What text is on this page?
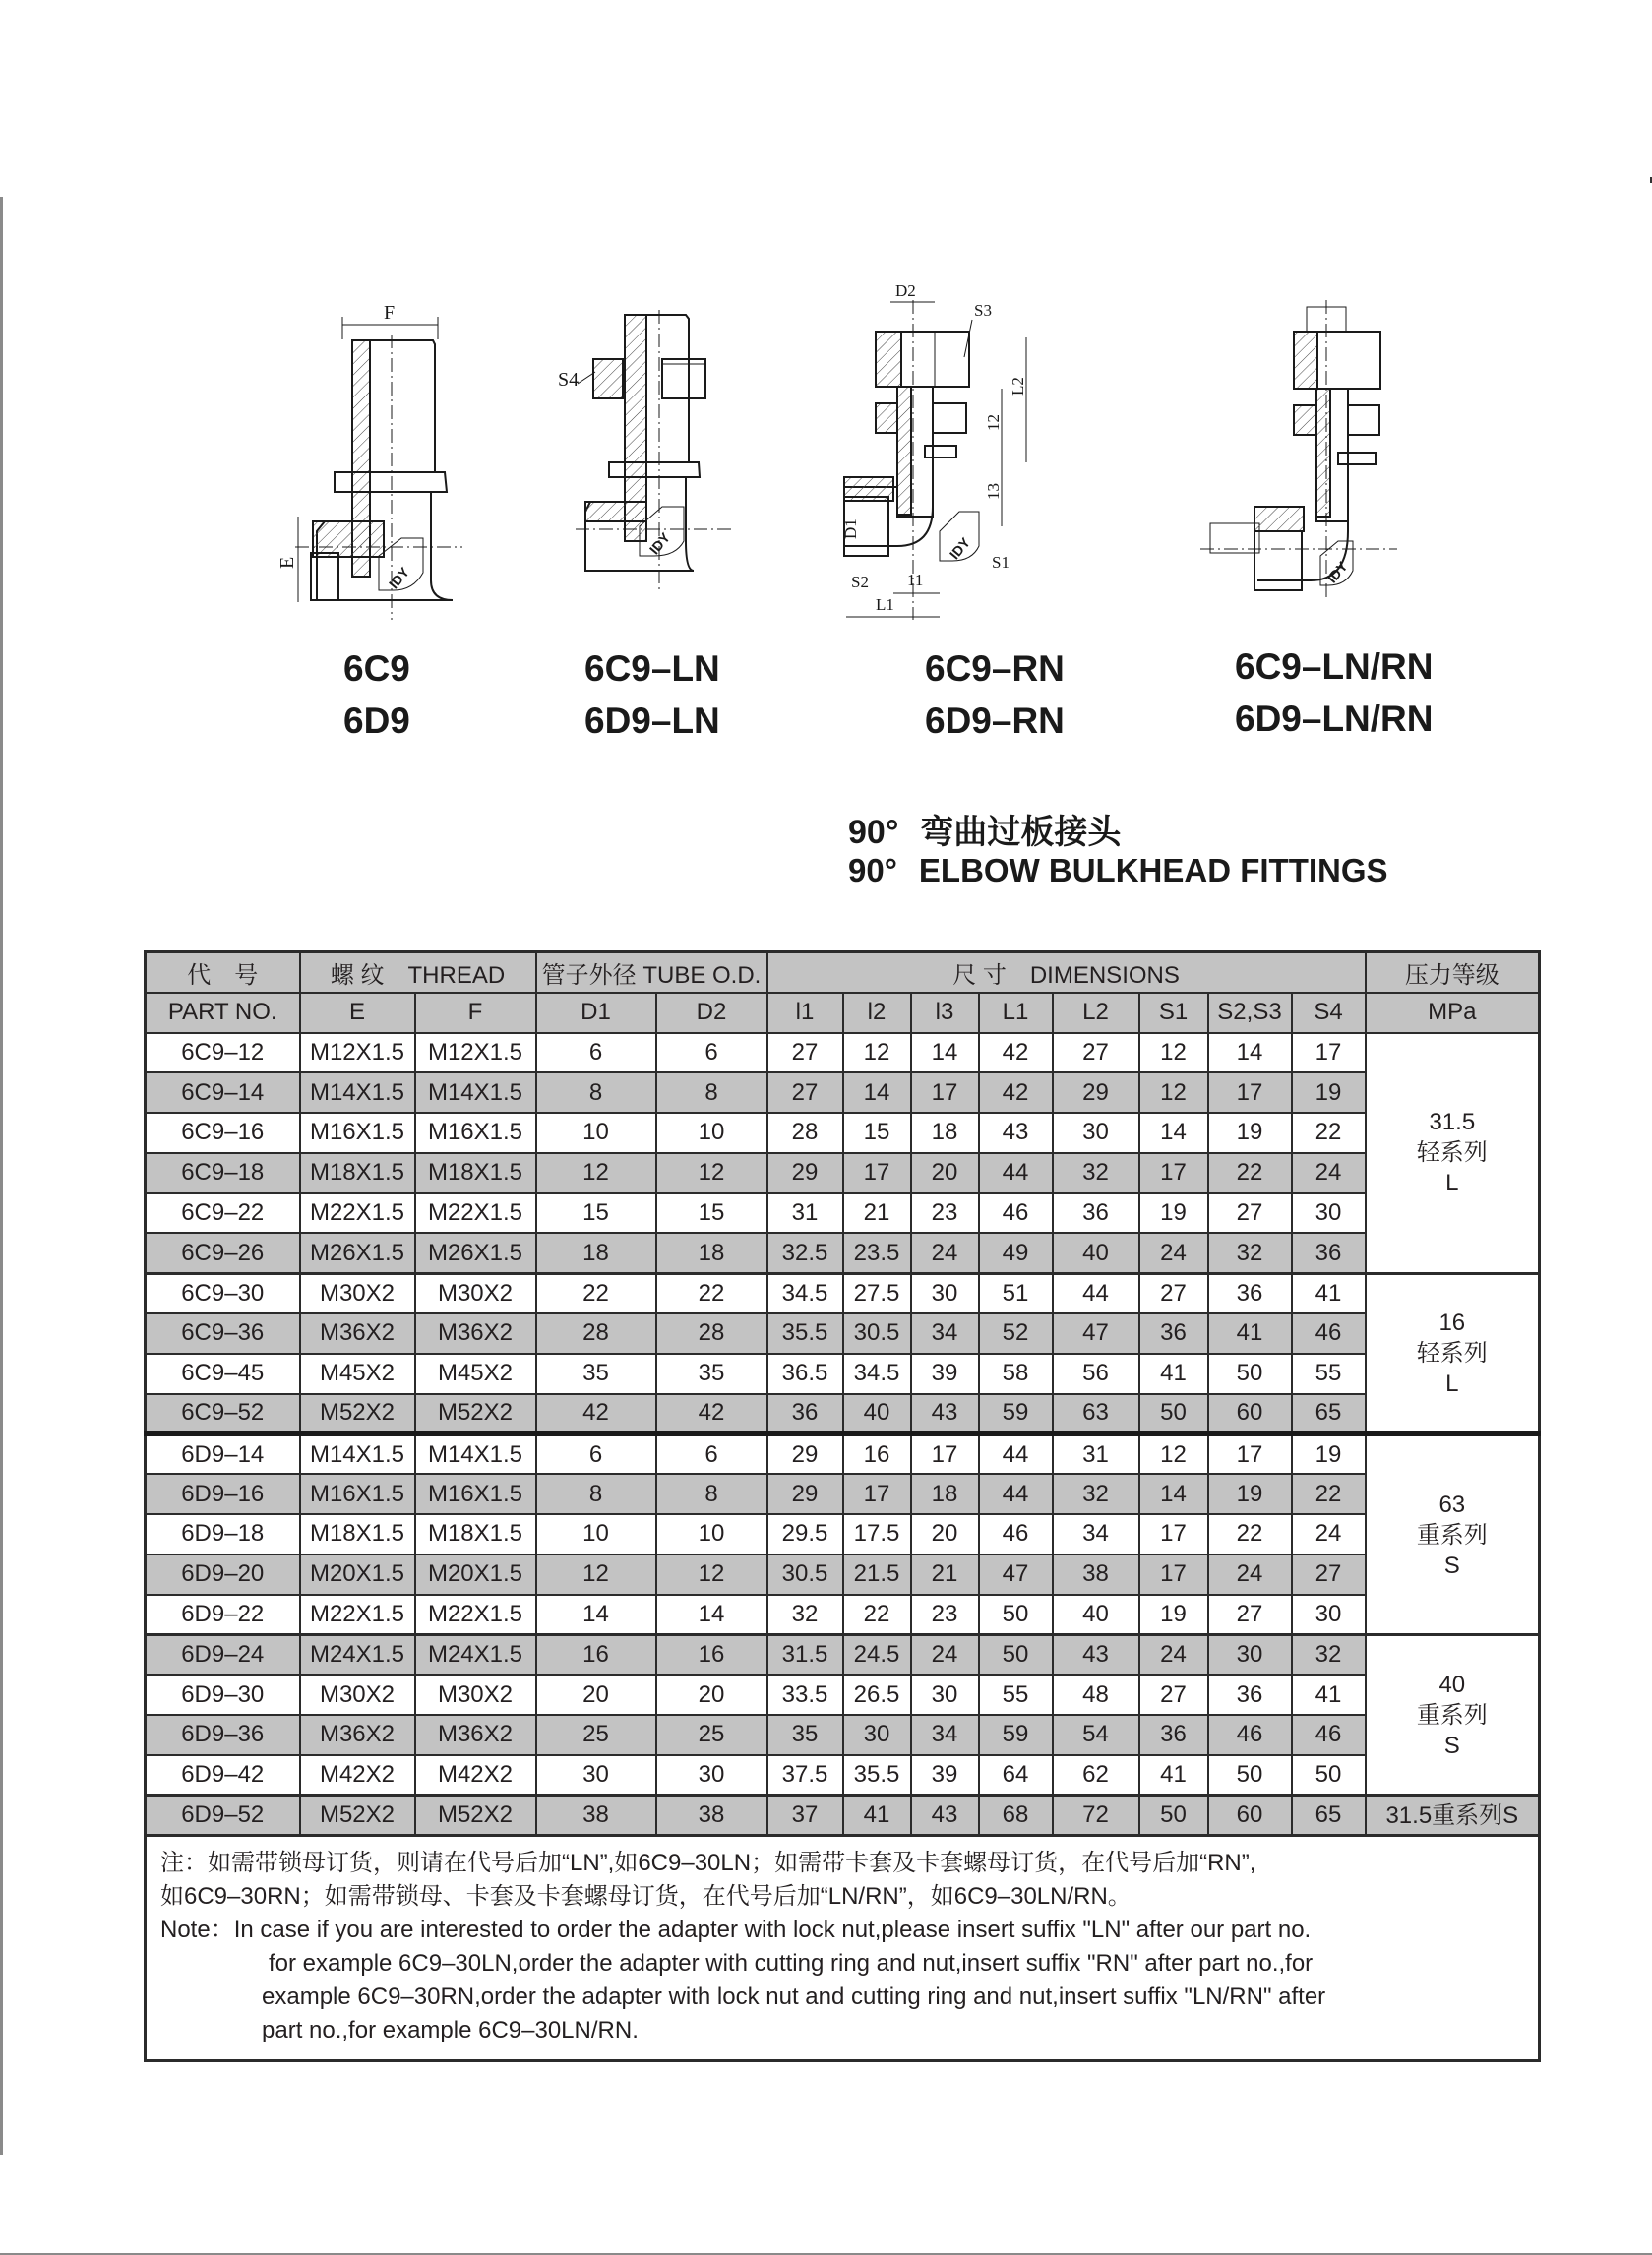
F
E
IDY
S4
IDY
D2
S3
L2
12
13
D1
S1
S2 11
L1
IDY
IDY
6C9
6D9
6C9–LN
6D9–LN
6C9–RN
6D9–RN
6C9–LN/RN
6D9–LN/RN
90° 弯曲过板接头
90° ELBOW BULKHEAD FITTINGS
代　号	螺 纹　THREAD		管子外径 TUBE O.D.		尺 寸　DIMENSIONS								压力等级
PART NO.	E	F	D1	D2	l1	l2	l3	L1	L2	S1	S2,S3	S4	MPa
6C9–12	M12X1.5	M12X1.5	6	6	27	12	14	42	27	12	14	17	31.5
轻系列
L

6C9–14	M14X1.5	M14X1.5	8	8	27	14	17	42	29	12	17	19	
6C9–16	M16X1.5	M16X1.5	10	10	28	15	18	43	30	14	19	22	
6C9–18	M18X1.5	M18X1.5	12	12	29	17	20	44	32	17	22	24	
6C9–22	M22X1.5	M22X1.5	15	15	31	21	23	46	36	19	27	30	
6C9–26	M26X1.5	M26X1.5	18	18	32.5	23.5	24	49	40	24	32	36	
6C9–30	M30X2	M30X2	22	22	34.5	27.5	30	51	44	27	36	41	16
轻系列
L

6C9–36	M36X2	M36X2	28	28	35.5	30.5	34	52	47	36	41	46	
6C9–45	M45X2	M45X2	35	35	36.5	34.5	39	58	56	41	50	55	
6C9–52	M52X2	M52X2	42	42	36	40	43	59	63	50	60	65	
6D9–14	M14X1.5	M14X1.5	6	6	29	16	17	44	31	12	17	19	63
重系列
S

6D9–16	M16X1.5	M16X1.5	8	8	29	17	18	44	32	14	19	22	
6D9–18	M18X1.5	M18X1.5	10	10	29.5	17.5	20	46	34	17	22	24	
6D9–20	M20X1.5	M20X1.5	12	12	30.5	21.5	21	47	38	17	24	27	
6D9–22	M22X1.5	M22X1.5	14	14	32	22	23	50	40	19	27	30	
6D9–24	M24X1.5	M24X1.5	16	16	31.5	24.5	24	50	43	24	30	32	40
重系列
S

6D9–30	M30X2	M30X2	20	20	33.5	26.5	30	55	48	27	36	41	
6D9–36	M36X2	M36X2	25	25	35	30	34	59	54	36	46	46	
6D9–42	M42X2	M42X2	30	30	37.5	35.5	39	64	62	41	50	50	
6D9–52	M52X2	M52X2	38	38	37	41	43	68	72	50	60	65	31.5重系列S

注：如需带锁母订货，则请在代号后加“LN”,如6C9–30LN；如需带卡套及卡套螺母订货，在代号后加“RN”,
如6C9–30RN；如需带锁母、卡套及卡套螺母订货，在代号后加“LN/RN”，如6C9–30LN/RN。
Note：In case if you are interested to order the adapter with lock nut,please insert suffix "LN" after our part no.
for example 6C9–30LN,order the adapter with cutting ring and nut,insert suffix "RN" after part no.,for
example 6C9–30RN,order the adapter with lock nut and cutting ring and nut,insert suffix "LN/RN" after
part no.,for example 6C9–30LN/RN.
